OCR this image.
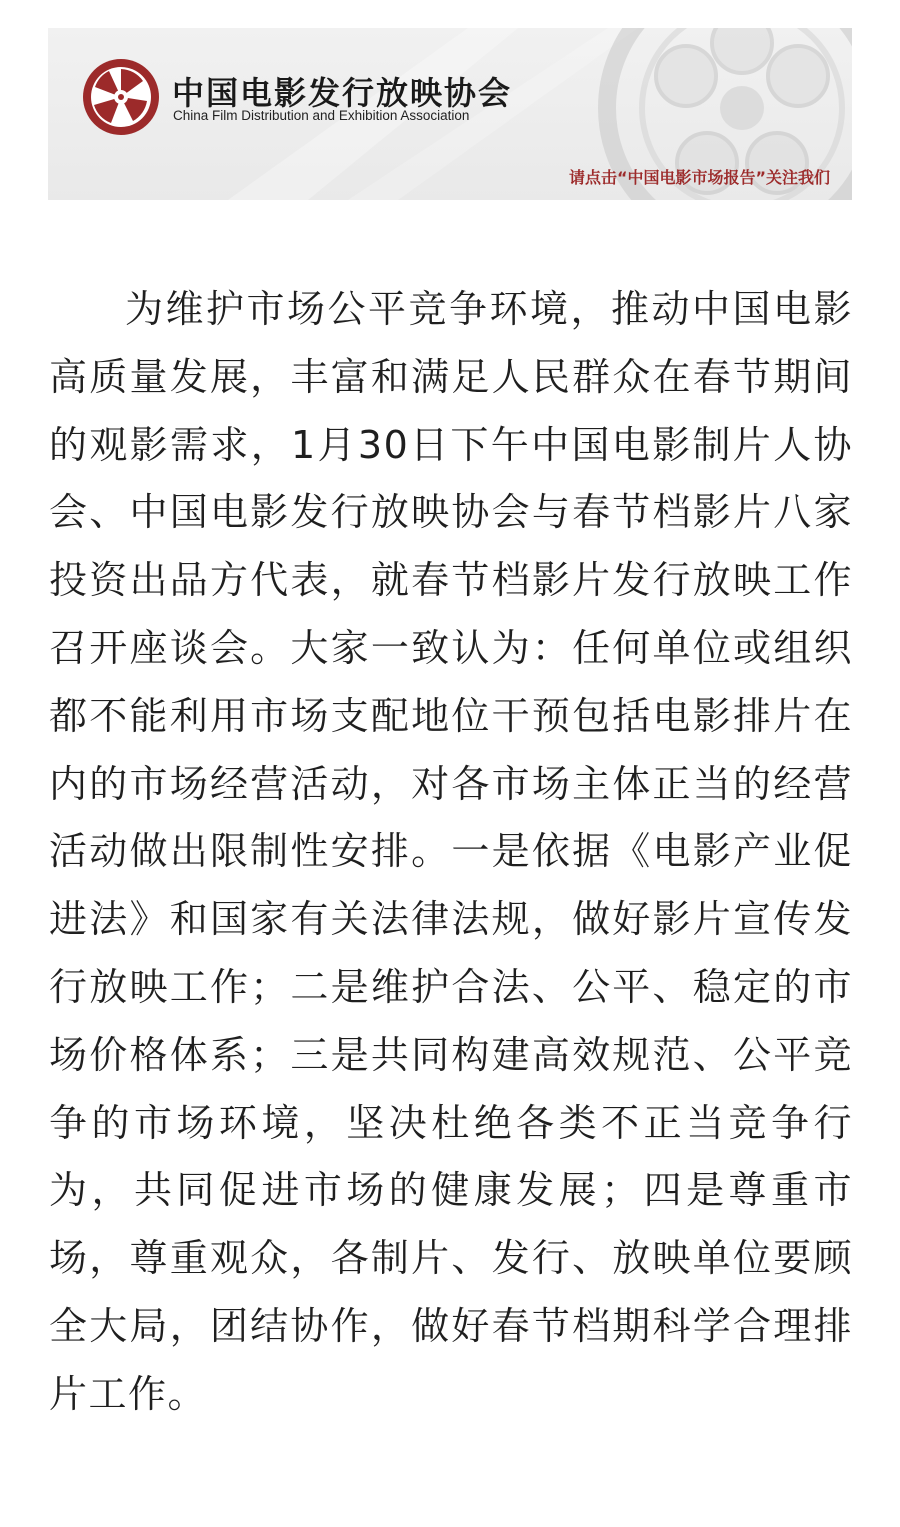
中国电影发行放映协会
China Film Distribution and Exhibition Association
请点击“中国电影市场报告”关注我们

为维护市场公平竞争环境，推动中国电影高质量发展，丰富和满足人民群众在春节期间的观影需求，1月30日下午中国电影制片人协会、中国电影发行放映协会与春节档影片八家投资出品方代表，就春节档影片发行放映工作召开座谈会。大家一致认为：任何单位或组织都不能利用市场支配地位干预包括电影排片在内的市场经营活动，对各市场主体正当的经营活动做出限制性安排。一是依据《电影产业促进法》和国家有关法律法规，做好影片宣传发行放映工作；二是维护合法、公平、稳定的市场价格体系；三是共同构建高效规范、公平竞争的市场环境，坚决杜绝各类不正当竞争行为，共同促进市场的健康发展；四是尊重市场，尊重观众，各制片、发行、放映单位要顾全大局，团结协作，做好春节档期科学合理排片工作。
